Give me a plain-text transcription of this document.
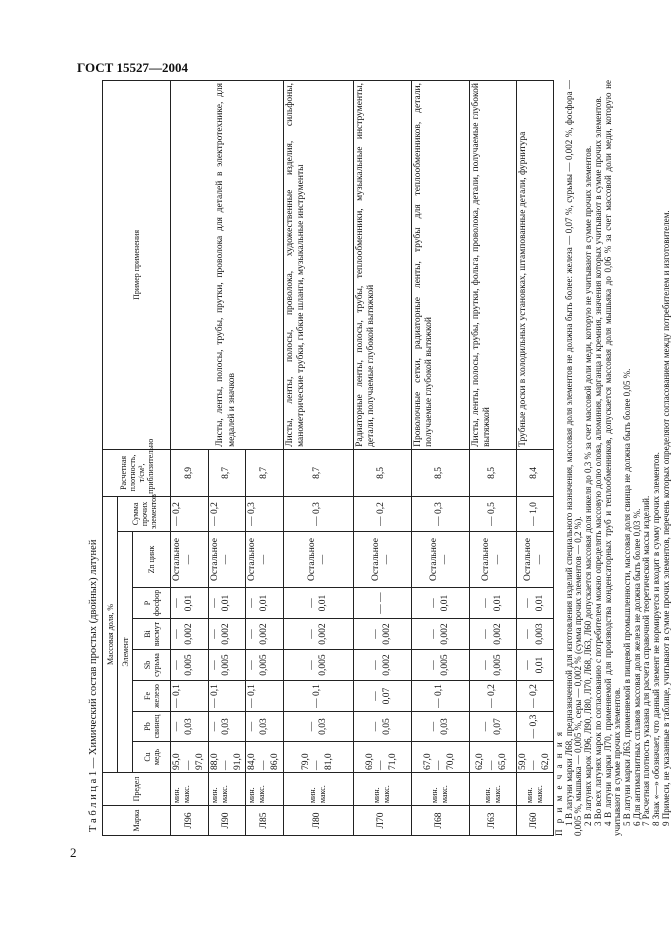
ГОСТ 15527—2004
Т а б л и ц а 1 — Химический состав простых (двойных) латуней	Марка	Предел	Массовая доля, %								Расчетная плотность, т/см³, приблизительно	Пример применения
		Элемент							Сумма прочих элементов		
		Cu медь	Pb свинец	Fe железо	Sb сурьма	Bi висмут	P фосфор	Zn цинк			
Л96	мин. макс.	95,0— 97,0	— 0,03	— 0,1	— 0,005	— 0,002	— 0,01	Остальное —	— 0,2	8,9	Листы, ленты, полосы, трубы, прутки, проволока для деталей в электротехнике, для медалей и значков
Л90	мин. макс.	88,0— 91,0	— 0,03	— 0,1	— 0,005	— 0,002	— 0,01	Остальное —	— 0,2	8,7	
Л85	мин. макс.	84,0— 86,0	— 0,03	— 0,1	— 0,005	— 0,002	— 0,01	Остальное —	— 0,3	8,7	
Л80	мин. макс.	79,0— 81,0	— 0,03	— 0,1	— 0,005	— 0,002	— 0,01	Остальное —	— 0,3	8,7	Листы, ленты, полосы, проволока, художественные изделия, сильфоны, манометрические трубки, гибкие шланги, музыкальные инструменты
Л70	мин. макс.	69,0— 71,0	— 0,05	— 0,07	— 0,002	— 0,002	— —	Остальное —	— 0,2	8,5	Радиаторные ленты, полосы, трубы, теплообменники, музыкальные инструменты, детали, получаемые глубокой вытяжкой
Л68	мин. макс.	67,0— 70,0	— 0,03	— 0,1	— 0,005	— 0,002	— 0,01	Остальное —	— 0,3	8,5	Проволочные сетки, радиаторные ленты, трубы для теплообменников, детали, получаемые глубокой вытяжкой
Л63	мин. макс.	62,0— 65,0	— 0,07	— 0,2	— 0,005	— 0,002	— 0,01	Остальное —	— 0,5	8,5	Листы, ленты, полосы, трубы, прутки, фольга, проволока, детали, получаемые глубокой вытяжкой
Л60	мин. макс.	59,0— 62,0	— 0,3	— 0,2	— 0,01	— 0,003	— 0,01	Остальное —	— 1,0	8,4	Трубные доски в холодильных установках, штампованные детали, фурнитура
П р и м е ч а н и я 1 В латуни марки Л68, предназначенной для изготовления изделий специального назначения, массовая доля элементов не должна быть более: железа — 0,07 %, сурьмы — 0,002 %, фосфора — 0,005 %, мышьяка — 0,005 %, серы — 0,002 % (сумма прочих элементов — 0,2 %). 2 В латунях марок Л96, Л90, Л80, Л70, Л68, Л63, Л60 допускается массовая доля никеля до 0,3 % за счет массовой доли меди, которую не учитывают в сумме прочих элементов. 3 Во всех латунях марок по согласованию с потребителем можно определять массовую долю олова, алюминия, марганца и кремния, значения которых учитывают в сумме прочих элементов. 4 В латуни марки Л70, применяемой для производства конденсаторных труб и теплообменников, допускается массовая доля мышьяка до 0,06 % за счет массовой доли меди, которую не учитывают в сумме прочих элементов. 5 В латуни марки Л63, применяемой в пищевой промышленности, массовая доля свинца не должна быть более 0,05 %. 6 Для антимагнитных сплавов массовая доля железа не должна быть более 0,03 %. 7 Расчетная плотность указана для расчета справочной теоретической массы изделий. 8 Знак «—» обозначает, что данный элемент не нормируется и входит в сумму прочих элементов. 9 Примеси, не указанные в таблице, учитывают в сумме прочих элементов, перечень которых определяют согласованием между потребителем и изготовителем.

2
